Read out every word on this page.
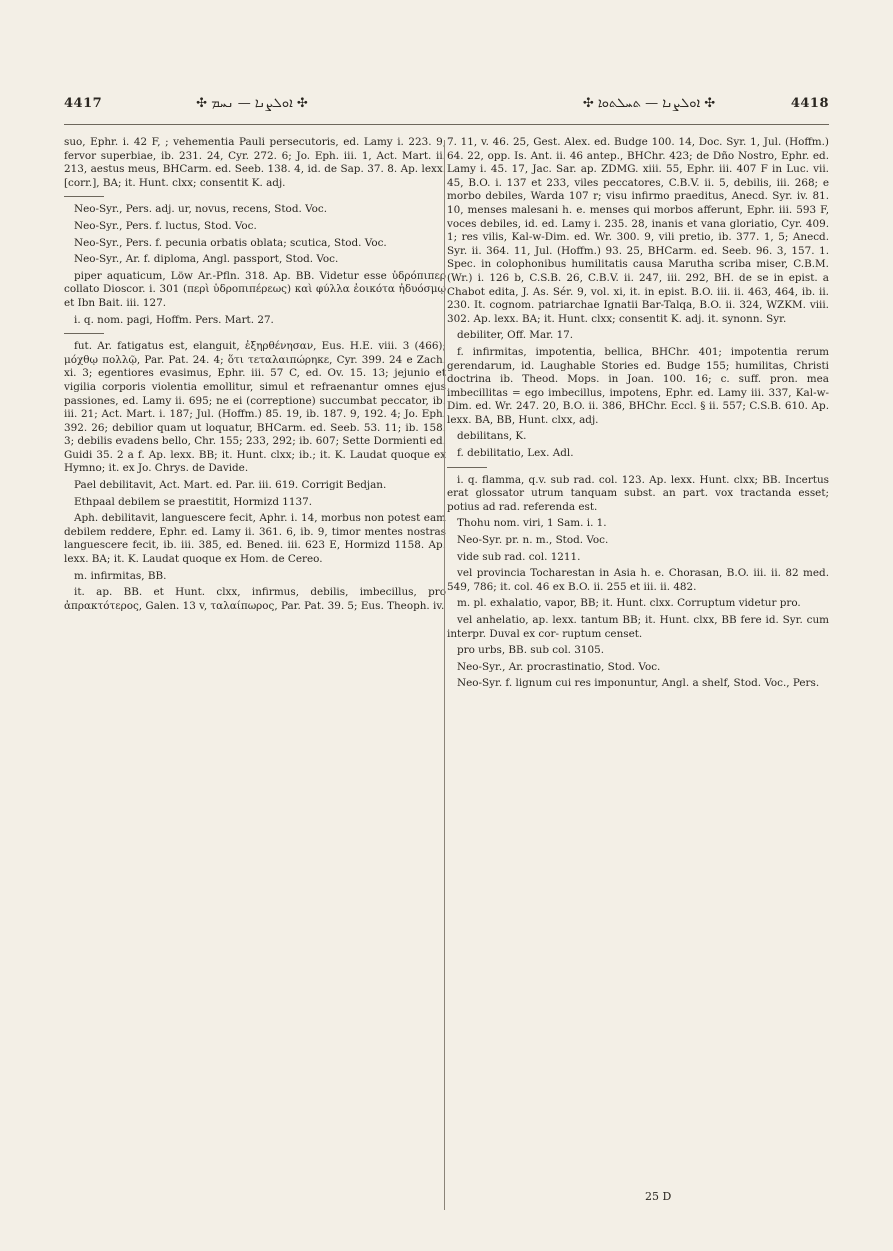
4417	✣ ܐܘܠܨܢܐ — ܢܚܡ ✣	✣ ܐܘܠܨܢܐ — ܬܚܠܬܘܐ ✣	4418

suo, Ephr. i. 42 F, ; vehementia Pauli persecutoris, ed. Lamy i. 223. 9, fervor superbiae, ib. 231. 24, Cyr. 272. 6; Jo. Eph. iii. 1, Act. Mart. ii. 213, aestus meus, BHCarm. ed. Seeb. 138. 4, id. de Sap. 37. 8. Ap. lexx. [corr.], BA; it. Hunt. clxx; consentit K. adj.

Neo-Syr., Pers. adj. ur, novus, recens, Stod. Voc.

Neo-Syr., Pers. f. luctus, Stod. Voc.

Neo-Syr., Pers. f. pecunia orbatis oblata; scutica, Stod. Voc.

Neo-Syr., Ar. f. diploma, Angl. passport, Stod. Voc.

piper aquaticum, Löw Ar.-Pfln. 318. Ap. BB. Videtur esse ὑδρόπιπερ collato Dioscor. i. 301 (περὶ ὑδροπιπέρεως) καὶ φύλλα ἐοικότα ἠδυόσμῳ et Ibn Bait. iii. 127.

i. q. nom. pagi, Hoffm. Pers. Mart. 27.

fut. Ar. fatigatus est, elanguit, ἐξηρθένησαν, Eus. H.E. viii. 3 (466); μόχθῳ πολλῷ, Par. Pat. 24. 4; ὅτι τεταλαιπώρηκε, Cyr. 399. 24 e Zach. xi. 3; egentiores evasimus, Ephr. iii. 57 C, ed. Ov. 15. 13; jejunio et vigilia corporis violentia emollitur, simul et refraenantur omnes ejus passiones, ed. Lamy ii. 695; ne ei (correptione) succumbat peccator, ib. iii. 21; Act. Mart. i. 187; Jul. (Hoffm.) 85. 19, ib. 187. 9, 192. 4; Jo. Eph. 392. 26; debilior quam ut loquatur, BHCarm. ed. Seeb. 53. 11; ib. 158. 3; debilis evadens bello, Chr. 155; 233, 292; ib. 607; Sette Dormienti ed. Guidi 35. 2 a f. Ap. lexx. BB; it. Hunt. clxx; ib.; it. K. Laudat quoque ex Hymno; it. ex Jo. Chrys. de Davide.

Pael debilitavit, Act. Mart. ed. Par. iii. 619. Corrigit Bedjan.

Ethpaal debilem se praestitit, Hormizd 1137.

Aph. debilitavit, languescere fecit, Aphr. i. 14, morbus non potest eam debilem reddere, Ephr. ed. Lamy ii. 361. 6, ib. 9, timor mentes nostras languescere fecit, ib. iii. 385, ed. Bened. iii. 623 E, Hormizd 1158. Ap. lexx. BA; it. K. Laudat quoque ex Hom. de Cereo.

m. infirmitas, BB.

it. ap. BB. et Hunt. clxx, infirmus, debilis, imbecillus, pro ἀπρακτότερος, Galen. 13 v, ταλαίπωρος, Par. Pat. 39. 5; Eus. Theoph. iv.

7. 11, v. 46. 25, Gest. Alex. ed. Budge 100. 14, Doc. Syr. 1, Jul. (Hoffm.) 64. 22, opp. Is. Ant. ii. 46 antep., BHChr. 423; de Dño Nostro, Ephr. ed. Lamy i. 45. 17, Jac. Sar. ap. ZDMG. xiii. 55, Ephr. iii. 407 F in Luc. vii. 45, B.O. i. 137 et 233, viles peccatores, C.B.V. ii. 5, debilis, iii. 268; e morbo debiles, Warda 107 r; visu infirmo praeditus, Anecd. Syr. iv. 81. 10, menses malesani h. e. menses qui morbos afferunt, Ephr. iii. 593 F, voces debiles, id. ed. Lamy i. 235. 28, inanis et vana gloriatio, Cyr. 409. 1; res vilis, Kal-w-Dim. ed. Wr. 300. 9, vili pretio, ib. 377. 1, 5; Anecd. Syr. ii. 364. 11, Jul. (Hoffm.) 93. 25, BHCarm. ed. Seeb. 96. 3, 157. 1. Spec. in colophonibus humilitatis causa Marutha scriba miser, C.B.M. (Wr.) i. 126 b, C.S.B. 26, C.B.V. ii. 247, iii. 292, BH. de se in epist. a Chabot edita, J. As. Sér. 9, vol. xi, it. in epist. B.O. iii. ii. 463, 464, ib. ii. 230. It. cognom. patriarchae Ignatii Bar-Talqa, B.O. ii. 324, WZKM. viii. 302. Ap. lexx. BA; it. Hunt. clxx; consentit K. adj. it. synonn. Syr.

debiliter, Off. Mar. 17.

f. infirmitas, impotentia, bellica, BHChr. 401; impotentia rerum gerendarum, id. Laughable Stories ed. Budge 155; humilitas, Christi doctrina ib. Theod. Mops. in Joan. 100. 16; c. suff. pron. mea imbecillitas = ego imbecillus, impotens, Ephr. ed. Lamy iii. 337, Kal-w-Dim. ed. Wr. 247. 20, B.O. ii. 386, BHChr. Eccl. § ii. 557; C.S.B. 610. Ap. lexx. BA, BB, Hunt. clxx, adj.

debilitans, K.

f. debilitatio, Lex. Adl.

i. q. flamma, q.v. sub rad. col. 123. Ap. lexx. Hunt. clxx; BB. Incertus erat glossator utrum tanquam subst. an part. vox tractanda esset; potius ad rad. referenda est.

Thohu nom. viri, 1 Sam. i. 1.

Neo-Syr. pr. n. m., Stod. Voc.

vide sub rad. col. 1211.

vel provincia Tocharestan in Asia h. e. Chorasan, B.O. iii. ii. 82 med. 549, 786; it. col. 46 ex B.O. ii. 255 et iii. ii. 482.

m. pl. exhalatio, vapor, BB; it. Hunt. clxx. Corruptum videtur pro.

vel anhelatio, ap. lexx. tantum BB; it. Hunt. clxx, BB fere id. Syr. cum interpr. Duval ex cor- ruptum censet.

pro urbs, BB. sub col. 3105.

Neo-Syr., Ar. procrastinatio, Stod. Voc.

Neo-Syr. f. lignum cui res imponuntur, Angl. a shelf, Stod. Voc., Pers.

25 D
